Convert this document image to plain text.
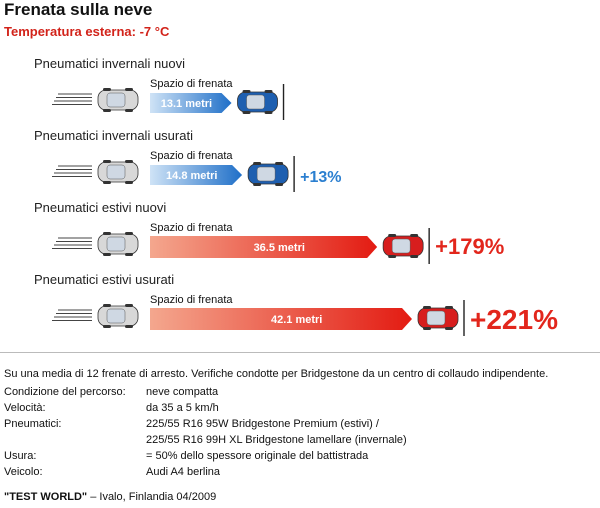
Frenata sulla neve
Temperatura esterna: -7 °C
Pneumatici invernali nuovi
Spazio di frenata
13.1 metri
Pneumatici invernali usurati
Spazio di frenata
14.8 metri	+13%
Pneumatici estivi nuovi
Spazio di frenata
36.5 metri	+179%
Pneumatici estivi usurati
Spazio di frenata
42.1 metri	+221%
Su una media di 12 frenate di arresto. Verifiche condotte per Bridgestone da un centro di collaudo indipendente.
Condizione del percorso:	neve compatta
Velocità:	da 35 a 5 km/h
Pneumatici:	225/55 R16 95W Bridgestone Premium (estivi) /
225/55 R16 99H XL Bridgestone lamellare (invernale)
Usura:	= 50% dello spessore originale del battistrada
Veicolo:	Audi A4 berlina
"TEST WORLD" – Ivalo, Finlandia 04/2009
